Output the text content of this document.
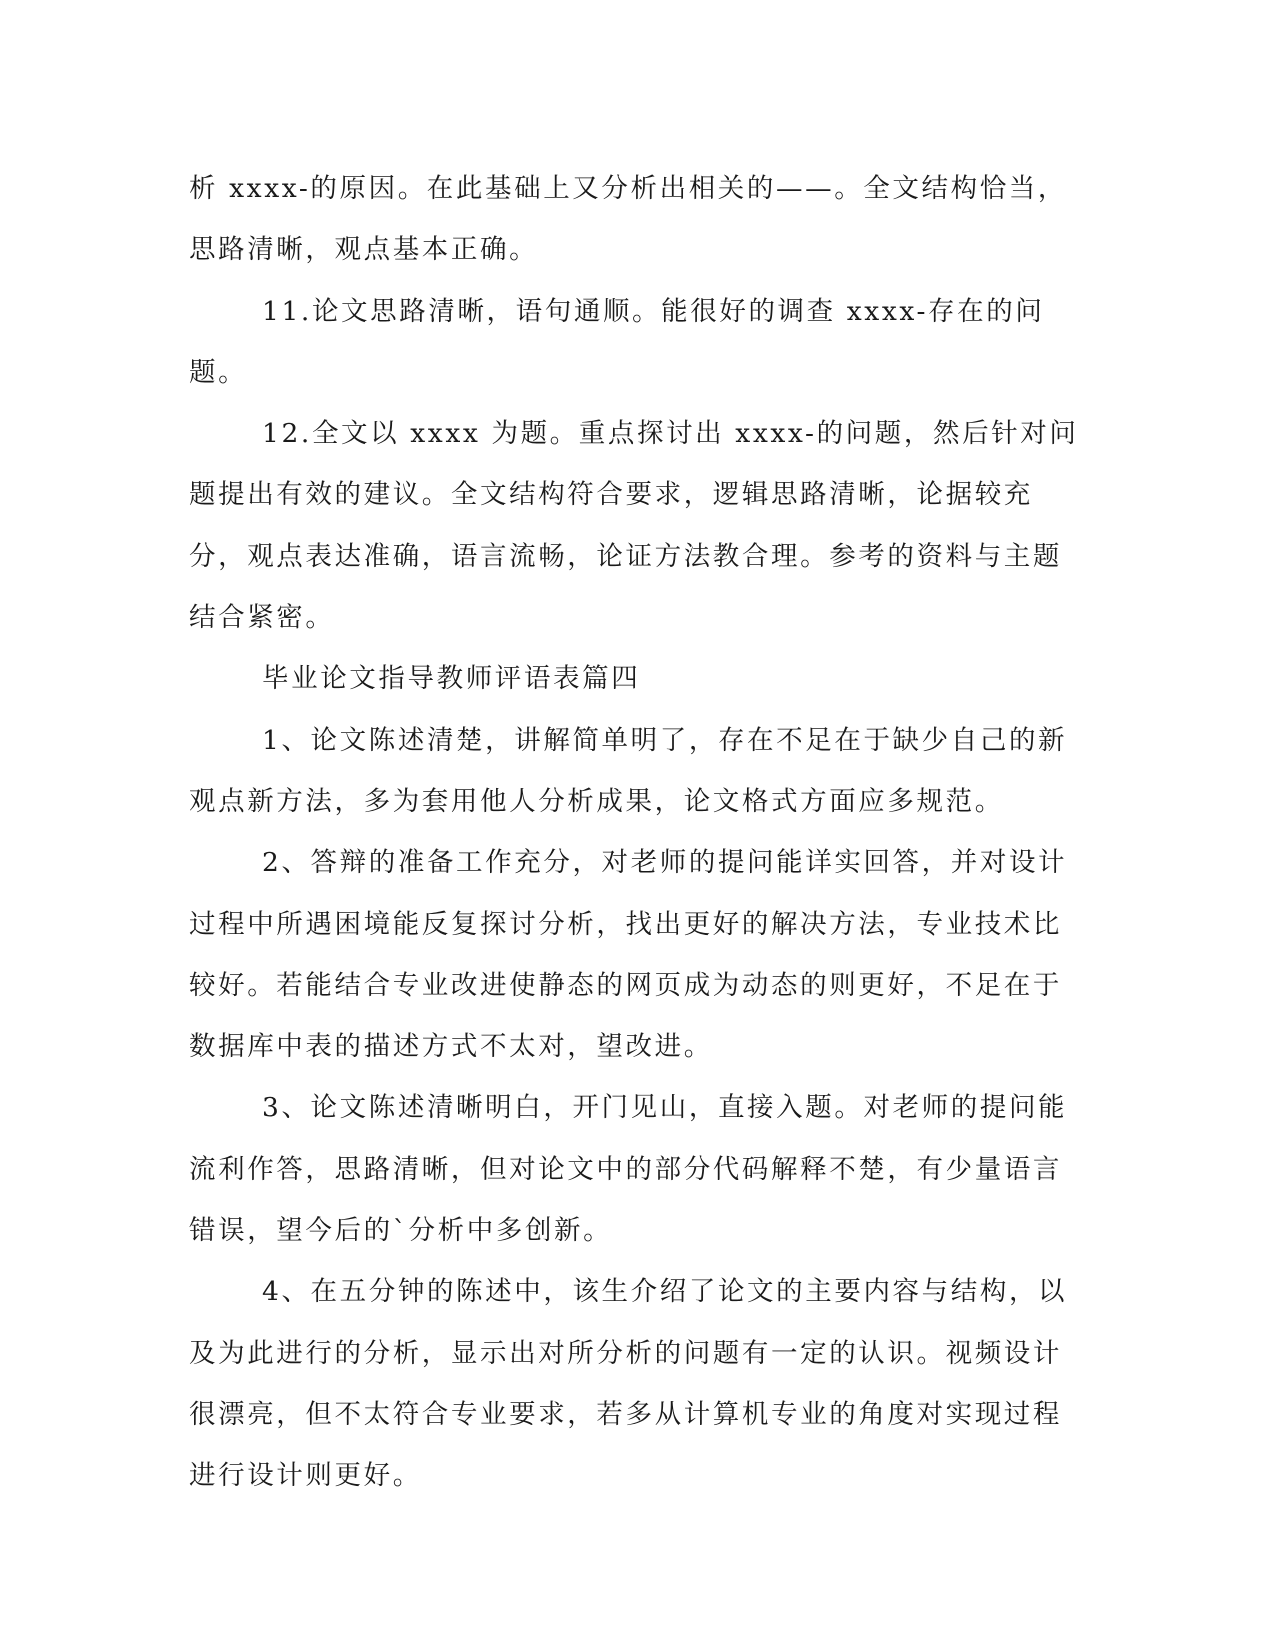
析 xxxx-的原因。在此基础上又分析出相关的——。全文结构恰当，思路清晰，观点基本正确。

11.论文思路清晰，语句通顺。能很好的调查 xxxx-存在的问题。

12.全文以 xxxx 为题。重点探讨出 xxxx-的问题，然后针对问题提出有效的建议。全文结构符合要求，逻辑思路清晰，论据较充分，观点表达准确，语言流畅，论证方法教合理。参考的资料与主题结合紧密。

毕业论文指导教师评语表篇四

1、论文陈述清楚，讲解简单明了，存在不足在于缺少自己的新观点新方法，多为套用他人分析成果，论文格式方面应多规范。

2、答辩的准备工作充分，对老师的提问能详实回答，并对设计过程中所遇困境能反复探讨分析，找出更好的解决方法，专业技术比较好。若能结合专业改进使静态的网页成为动态的则更好，不足在于数据库中表的描述方式不太对，望改进。

3、论文陈述清晰明白，开门见山，直接入题。对老师的提问能流利作答，思路清晰，但对论文中的部分代码解释不楚，有少量语言错误，望今后的`分析中多创新。

4、在五分钟的陈述中，该生介绍了论文的主要内容与结构，以及为此进行的分析，显示出对所分析的问题有一定的认识。视频设计很漂亮，但不太符合专业要求，若多从计算机专业的角度对实现过程进行设计则更好。
